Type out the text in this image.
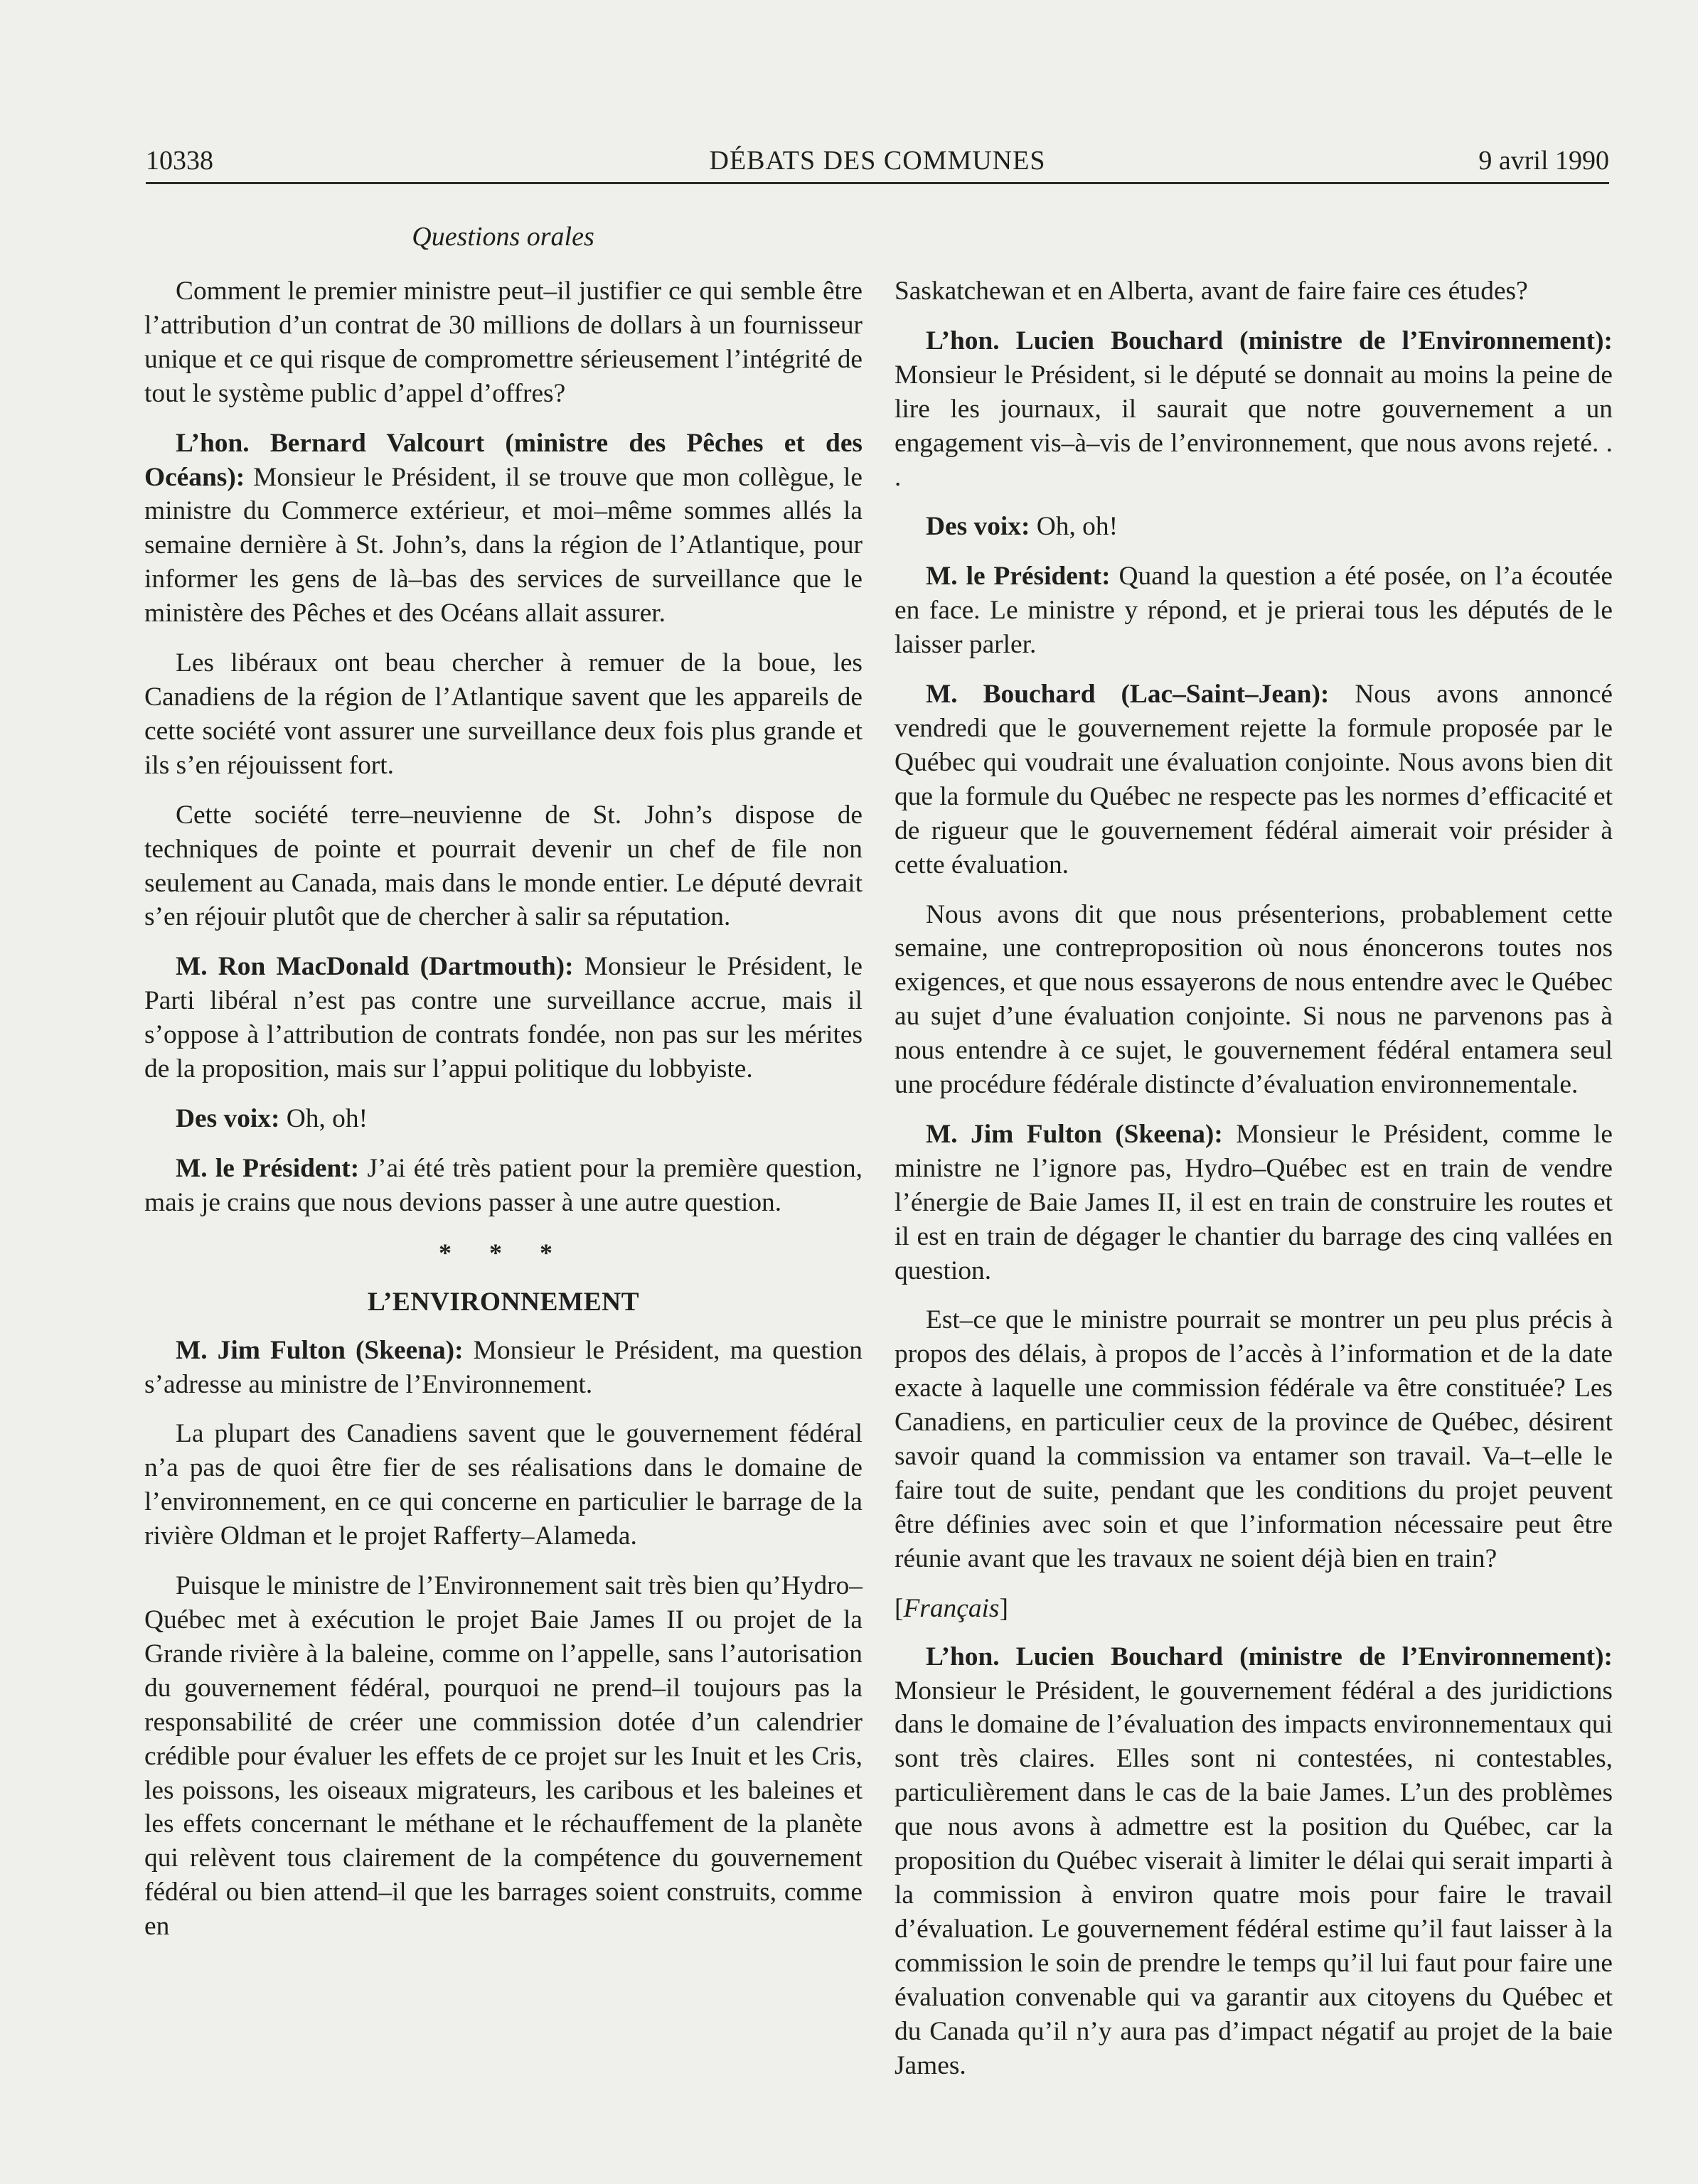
DÉBATS DES COMMUNES
10338	9 avril 1990
Questions orales

Comment le premier ministre peut–il justifier ce qui semble être l’attribution d’un contrat de 30 millions de dollars à un fournisseur unique et ce qui risque de compromettre sérieusement l’intégrité de tout le système public d’appel d’offres?

L’hon. Bernard Valcourt (ministre des Pêches et des Océans): Monsieur le Président, il se trouve que mon collègue, le ministre du Commerce extérieur, et moi–même sommes allés la semaine dernière à St. John’s, dans la région de l’Atlantique, pour informer les gens de là–bas des services de surveillance que le ministère des Pêches et des Océans allait assurer.

Les libéraux ont beau chercher à remuer de la boue, les Canadiens de la région de l’Atlantique savent que les appareils de cette société vont assurer une surveillance deux fois plus grande et ils s’en réjouissent fort.

Cette société terre–neuvienne de St. John’s dispose de techniques de pointe et pourrait devenir un chef de file non seulement au Canada, mais dans le monde entier. Le député devrait s’en réjouir plutôt que de chercher à salir sa réputation.

M. Ron MacDonald (Dartmouth): Monsieur le Président, le Parti libéral n’est pas contre une surveillance accrue, mais il s’oppose à l’attribution de contrats fondée, non pas sur les mérites de la proposition, mais sur l’appui politique du lobbyiste.

Des voix: Oh, oh!

M. le Président: J’ai été très patient pour la première question, mais je crains que nous devions passer à une autre question.

* * *
L’ENVIRONNEMENT

M. Jim Fulton (Skeena): Monsieur le Président, ma question s’adresse au ministre de l’Environnement.

La plupart des Canadiens savent que le gouvernement fédéral n’a pas de quoi être fier de ses réalisations dans le domaine de l’environnement, en ce qui concerne en particulier le barrage de la rivière Oldman et le projet Rafferty–Alameda.

Puisque le ministre de l’Environnement sait très bien qu’Hydro–Québec met à exécution le projet Baie James II ou projet de la Grande rivière à la baleine, comme on l’appelle, sans l’autorisation du gouvernement fédéral, pourquoi ne prend–il toujours pas la responsabilité de créer une commission dotée d’un calendrier crédible pour évaluer les effets de ce projet sur les Inuit et les Cris, les poissons, les oiseaux migrateurs, les caribous et les baleines et les effets concernant le méthane et le réchauffement de la planète qui relèvent tous clairement de la compétence du gouvernement fédéral ou bien attend–il que les barrages soient construits, comme en

Saskatchewan et en Alberta, avant de faire faire ces études?

L’hon. Lucien Bouchard (ministre de l’Environnement): Monsieur le Président, si le député se donnait au moins la peine de lire les journaux, il saurait que notre gouvernement a un engagement vis–à–vis de l’environnement, que nous avons rejeté. . .

Des voix: Oh, oh!

M. le Président: Quand la question a été posée, on l’a écoutée en face. Le ministre y répond, et je prierai tous les députés de le laisser parler.

M. Bouchard (Lac–Saint–Jean): Nous avons annoncé vendredi que le gouvernement rejette la formule proposée par le Québec qui voudrait une évaluation conjointe. Nous avons bien dit que la formule du Québec ne respecte pas les normes d’efficacité et de rigueur que le gouvernement fédéral aimerait voir présider à cette évaluation.

Nous avons dit que nous présenterions, probablement cette semaine, une contreproposition où nous énoncerons toutes nos exigences, et que nous essayerons de nous entendre avec le Québec au sujet d’une évaluation conjointe. Si nous ne parvenons pas à nous entendre à ce sujet, le gouvernement fédéral entamera seul une procédure fédérale distincte d’évaluation environnementale.

M. Jim Fulton (Skeena): Monsieur le Président, comme le ministre ne l’ignore pas, Hydro–Québec est en train de vendre l’énergie de Baie James II, il est en train de construire les routes et il est en train de dégager le chantier du barrage des cinq vallées en question.

Est–ce que le ministre pourrait se montrer un peu plus précis à propos des délais, à propos de l’accès à l’information et de la date exacte à laquelle une commission fédérale va être constituée? Les Canadiens, en particulier ceux de la province de Québec, désirent savoir quand la commission va entamer son travail. Va–t–elle le faire tout de suite, pendant que les conditions du projet peuvent être définies avec soin et que l’information nécessaire peut être réunie avant que les travaux ne soient déjà bien en train?

[Français]

L’hon. Lucien Bouchard (ministre de l’Environnement): Monsieur le Président, le gouvernement fédéral a des juridictions dans le domaine de l’évaluation des impacts environnementaux qui sont très claires. Elles sont ni contestées, ni contestables, particulièrement dans le cas de la baie James. L’un des problèmes que nous avons à admettre est la position du Québec, car la proposition du Québec viserait à limiter le délai qui serait imparti à la commission à environ quatre mois pour faire le travail d’évaluation. Le gouvernement fédéral estime qu’il faut laisser à la commission le soin de prendre le temps qu’il lui faut pour faire une évaluation convenable qui va garantir aux citoyens du Québec et du Canada qu’il n’y aura pas d’impact négatif au projet de la baie James.
